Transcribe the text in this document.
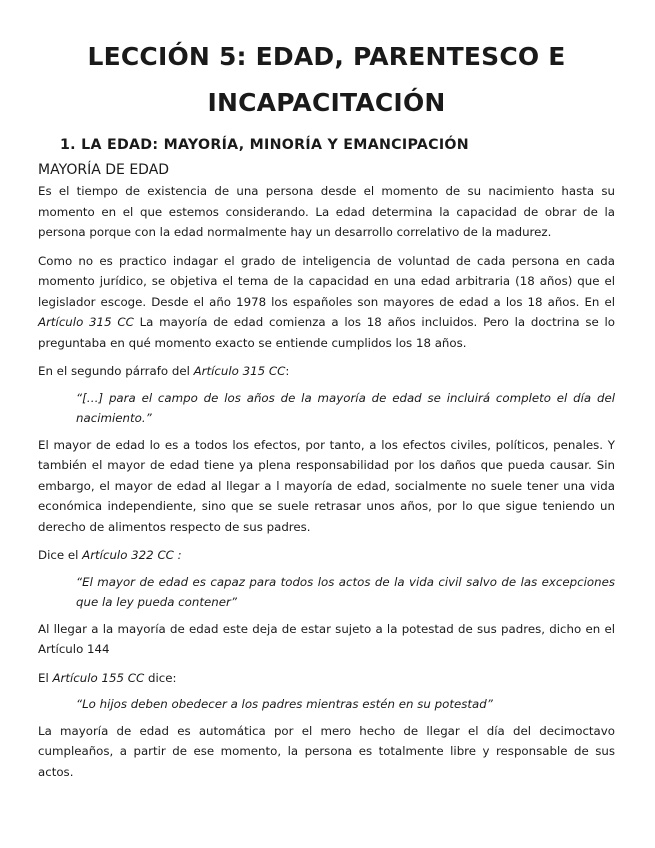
LECCIÓN 5: EDAD, PARENTESCO E
INCAPACITACIÓN
1. LA EDAD: MAYORÍA, MINORÍA Y EMANCIPACIÓN
MAYORÍA DE EDAD

Es el tiempo de existencia de una persona desde el momento de su nacimiento hasta su momento en el que estemos considerando. La edad determina la capacidad de obrar de la persona porque con la edad normalmente hay un desarrollo correlativo de la madurez.

Como no es practico indagar el grado de inteligencia de voluntad de cada persona en cada momento jurídico, se objetiva el tema de la capacidad en una edad arbitraria (18 años) que el legislador escoge. Desde el año 1978 los españoles son mayores de edad a los 18 años. En el Artículo 315 CC La mayoría de edad comienza a los 18 años incluidos. Pero la doctrina se lo preguntaba en qué momento exacto se entiende cumplidos los 18 años.

En el segundo párrafo del Artículo 315 CC:

“[…] para el campo de los años de la mayoría de edad se incluirá completo el día del nacimiento.”

El mayor de edad lo es a todos los efectos, por tanto, a los efectos civiles, políticos, penales. Y también el mayor de edad tiene ya plena responsabilidad por los daños que pueda causar. Sin embargo, el mayor de edad al llegar a l mayoría de edad, socialmente no suele tener una vida económica independiente, sino que se suele retrasar unos años, por lo que sigue teniendo un derecho de alimentos respecto de sus padres.

Dice el Artículo 322 CC :

“El mayor de edad es capaz para todos los actos de la vida civil salvo de las excepciones que la ley pueda contener”

Al llegar a la mayoría de edad este deja de estar sujeto a la potestad de sus padres, dicho en el Artículo 144

El Artículo 155 CC dice:

“Lo hijos deben obedecer a los padres mientras estén en su potestad”

La mayoría de edad es automática por el mero hecho de llegar el día del decimoctavo cumpleaños, a partir de ese momento, la persona es totalmente libre y responsable de sus actos.
